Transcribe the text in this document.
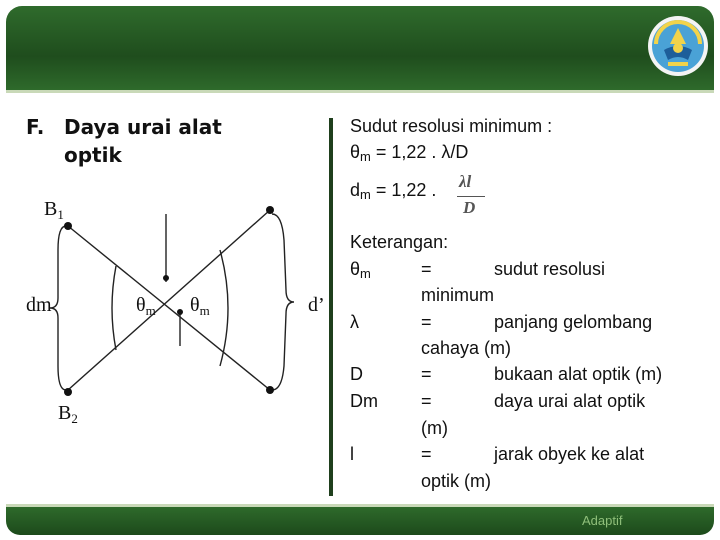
F. Daya urai alat
optik
$B_1$
$B_2$
dm	d’
$\theta_m$ $\theta_m$
Sudut resolusi minimum :
$\theta_m = 1,22$ . λ/D
$d_m = 1,22$ . λl
D
Keterangan:
$\theta_m$	=	sudut resolusi
minimum
λ	=	panjang gelombang
cahaya (m)
D	=	bukaan alat optik (m)
Dm =	daya urai alat optik
(m)
l	=	jarak obyek ke alat
optik (m)
Adaptif
